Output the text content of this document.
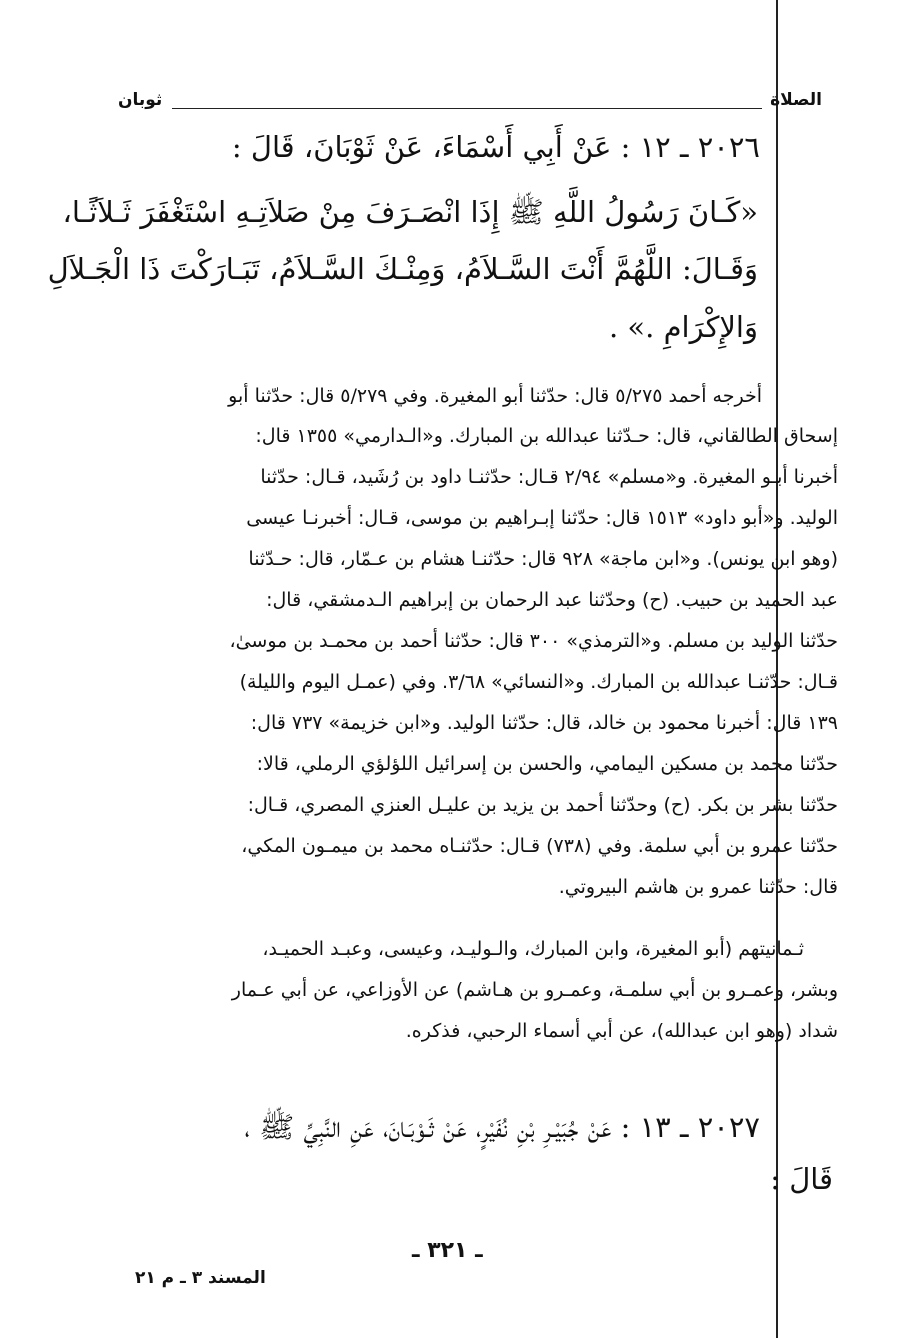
الصلاة
ثوبان
٢٠٢٦ ـ ١٢ : عَنْ أَبِي أَسْمَاءَ، عَنْ ثَوْبَانَ، قَالَ :
«كَـانَ رَسُولُ اللَّهِ ﷺ إِذَا انْصَـرَفَ مِنْ صَلاَتِـهِ اسْتَغْفَرَ ثَـلاَثًـا،
وَقَـالَ: اللَّهُمَّ أَنْتَ السَّـلاَمُ، وَمِنْـكَ السَّـلاَمُ، تَبَـارَكْتَ ذَا الْجَـلاَلِ
وَالإِكْرَامِ .» .
أخرجه أحمد ٥/٢٧٥ قال: حدّثنا أبو المغيرة. وفي ٥/٢٧٩ قال: حدّثنا أبو
إسحاق الطالقاني، قال: حـدّثنا عبدالله بن المبارك. و«الـدارمي» ١٣٥٥ قال:
أخبرنا أبـو المغيرة. و«مسلم» ٢/٩٤ قـال: حدّثنـا داود بن رُشَيد، قـال: حدّثنا
الوليد. و«أبو داود» ١٥١٣ قال: حدّثنا إبـراهيم بن موسى، قـال: أخبرنـا عيسى
(وهو ابن يونس). و«ابن ماجة» ٩٢٨ قال: حدّثنـا هشام بن عـمّار، قال: حـدّثنا
عبد الحميد بن حبيب. (ح) وحدّثنا عبد الرحمان بن إبراهيم الـدمشقي، قال:
حدّثنا الوليد بن مسلم. و«الترمذي» ٣٠٠ قال: حدّثنا أحمد بن محمـد بن موسىٰ،
قـال: حدّثنـا عبدالله بن المبارك. و«النسائي» ٣/٦٨. وفي (عمـل اليوم والليلة)
١٣٩ قال: أخبرنا محمود بن خالد، قال: حدّثنا الوليد. و«ابن خزيمة» ٧٣٧ قال:
حدّثنا محمد بن مسكين اليمامي، والحسن بن إسرائيل اللؤلؤي الرملي، قالا:
حدّثنا بشر بن بكر. (ح) وحدّثنا أحمد بن يزيد بن عليـل العنزي المصري، قـال:
حدّثنا عمرو بن أبي سلمة. وفي (٧٣٨) قـال: حدّثنـاه محمد بن ميمـون المكي،
قال: حدّثنا عمرو بن هاشم البيروتي.
ثـمانيتهم (أبو المغيرة، وابن المبارك، والـوليـد، وعيسى، وعبـد الحميـد،
وبشر، وعمـرو بن أبي سلمـة، وعمـرو بن هـاشم) عن الأوزاعي، عن أبي عـمار
شداد (وهو ابن عبدالله)، عن أبي أسماء الرحبي، فذكره.
٢٠٢٧ ـ ١٣ : عَنْ جُبَيْـرِ بْنِ نُفَيْرٍ، عَنْ ثَـوْبَـانَ، عَنِ النَّبِيِّ ﷺ ،
قَالَ :
ـ ٣٢١ ـ
المسند ٣ ـ م ٢١
